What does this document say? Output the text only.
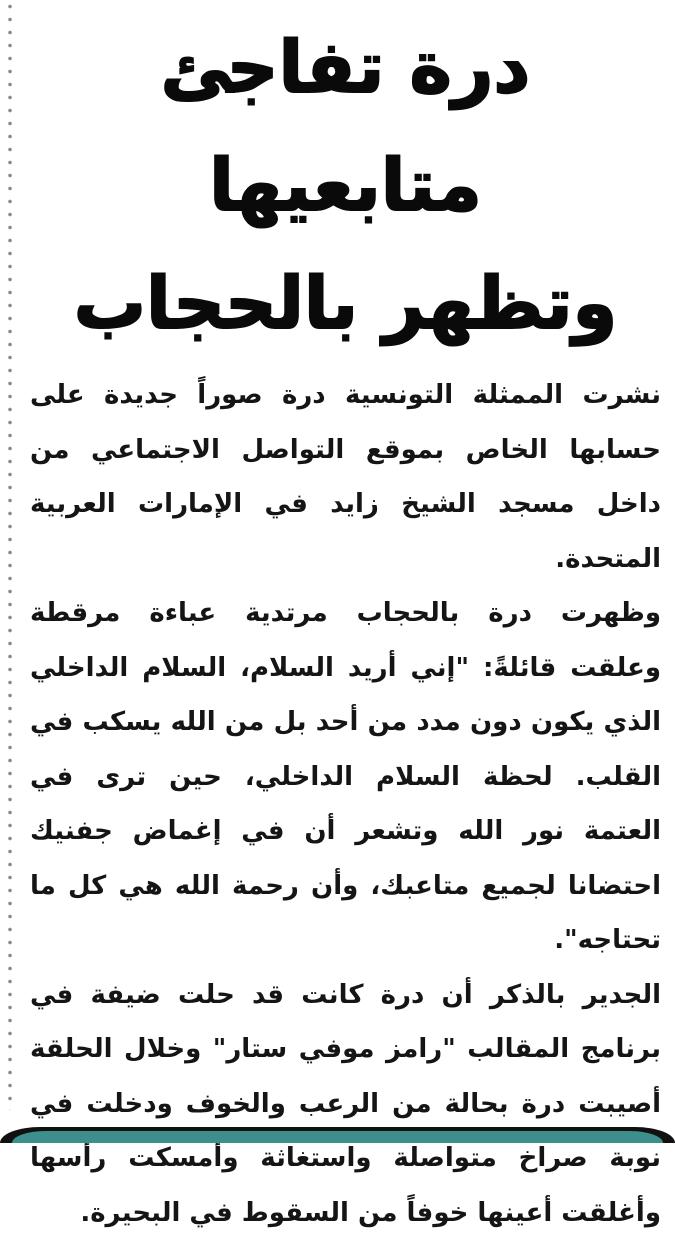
درة تفاجئ متابعيها
وتظهر بالحجاب

نشرت الممثلة التونسية درة صوراً جديدة على حسابها الخاص بموقع التواصل الاجتماعي من داخل مسجد الشيخ زايد في الإمارات العربية المتحدة.

وظهرت درة بالحجاب مرتدية عباءة مرقطة وعلقت قائلةً: "إني أريد السلام، السلام الداخلي الذي يكون دون مدد من أحد بل من الله يسكب في القلب. لحظة السلام الداخلي، حين ترى في العتمة نور الله وتشعر أن في إغماض جفنيك احتضانا لجميع متاعبك، وأن رحمة الله هي كل ما تحتاجه".

الجدير بالذكر أن درة كانت قد حلت ضيفة في برنامج المقالب "رامز موفي ستار" وخلال الحلقة أصيبت درة بحالة من الرعب والخوف ودخلت في نوبة صراخ متواصلة واستغاثة وأمسكت رأسها وأغلقت أعينها خوفاً من السقوط في البحيرة.
